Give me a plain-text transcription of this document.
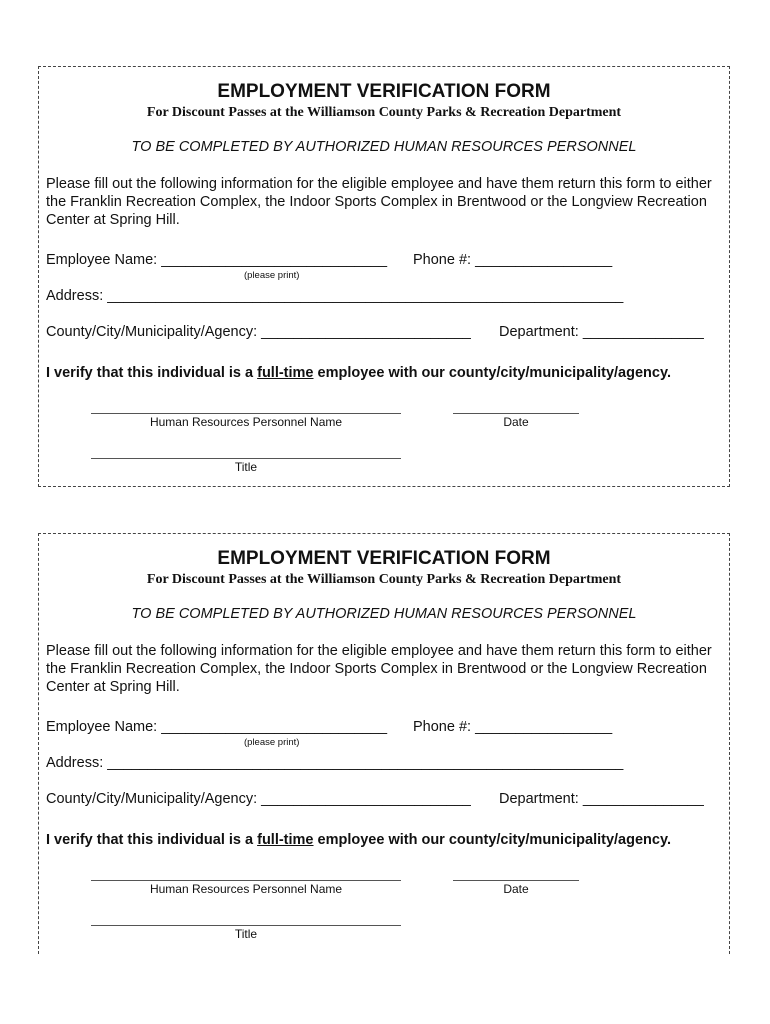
EMPLOYMENT VERIFICATION FORM
For Discount Passes at the Williamson County Parks & Recreation Department
TO BE COMPLETED BY AUTHORIZED HUMAN RESOURCES PERSONNEL
Please fill out the following information for the eligible employee and have them return this form to either the Franklin Recreation Complex, the Indoor Sports Complex in Brentwood or the Longview Recreation Center at Spring Hill.
Employee Name: ____________________________ Phone #: _________________
(please print)
Address: ________________________________________________________________
County/City/Municipality/Agency: __________________________ Department: _______________
I verify that this individual is a full-time employee with our county/city/municipality/agency.
Human Resources Personnel Name	Date
Title
EMPLOYMENT VERIFICATION FORM
For Discount Passes at the Williamson County Parks & Recreation Department
TO BE COMPLETED BY AUTHORIZED HUMAN RESOURCES PERSONNEL
Please fill out the following information for the eligible employee and have them return this form to either the Franklin Recreation Complex, the Indoor Sports Complex in Brentwood or the Longview Recreation Center at Spring Hill.
Employee Name: ____________________________ Phone #: _________________
(please print)
Address: ________________________________________________________________
County/City/Municipality/Agency: __________________________ Department: _______________
I verify that this individual is a full-time employee with our county/city/municipality/agency.
Human Resources Personnel Name	Date
Title
